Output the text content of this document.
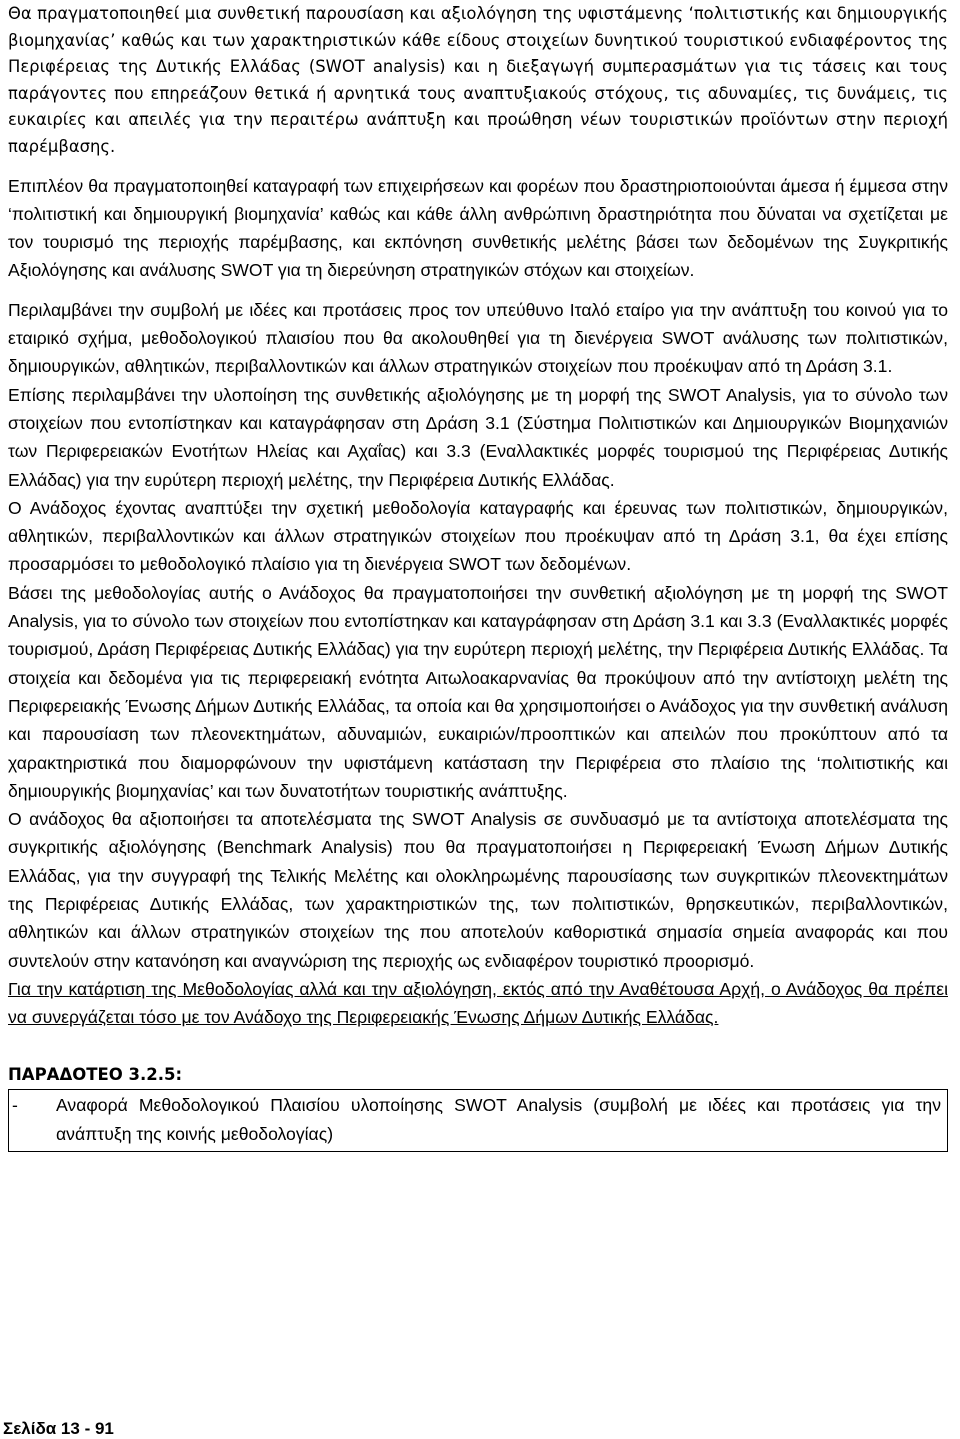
Θα πραγματοποιηθεί μια συνθετική παρουσίαση και αξιολόγηση της υφιστάμενης ‘πολιτιστικής και δημιουργικής βιομηχανίας’ καθώς και των χαρακτηριστικών κάθε είδους στοιχείων δυνητικού τουριστικού ενδιαφέροντος της Περιφέρειας της Δυτικής Ελλάδας (SWOT analysis) και η διεξαγωγή συμπερασμάτων για τις τάσεις και τους παράγοντες που επηρεάζουν θετικά ή αρνητικά τους αναπτυξιακούς στόχους, τις αδυναμίες, τις δυνάμεις, τις ευκαιρίες και απειλές για την περαιτέρω ανάπτυξη και προώθηση νέων τουριστικών προϊόντων στην περιοχή παρέμβασης.

Επιπλέον θα πραγματοποιηθεί καταγραφή των επιχειρήσεων και φορέων που δραστηριοποιούνται άμεσα ή έμμεσα στην ‘πολιτιστική και δημιουργική βιομηχανία’ καθώς και κάθε άλλη ανθρώπινη δραστηριότητα που δύναται να σχετίζεται με τον τουρισμό της περιοχής παρέμβασης, και εκπόνηση συνθετικής μελέτης βάσει των δεδομένων της Συγκριτικής Αξιολόγησης και ανάλυσης SWOT για τη διερεύνηση στρατηγικών στόχων και στοιχείων.

Περιλαμβάνει την συμβολή με ιδέες και προτάσεις προς τον υπεύθυνο Ιταλό εταίρο για την ανάπτυξη του κοινού για το εταιρικό σχήμα, μεθοδολογικού πλαισίου που θα ακολουθηθεί για τη διενέργεια SWOT ανάλυσης των πολιτιστικών, δημιουργικών, αθλητικών, περιβαλλοντικών και άλλων στρατηγικών στοιχείων που προέκυψαν από τη Δράση 3.1.

Επίσης περιλαμβάνει την υλοποίηση της συνθετικής αξιολόγησης με τη μορφή της SWOT Analysis, για το σύνολο των στοιχείων που εντοπίστηκαν και καταγράφησαν στη Δράση 3.1 (Σύστημα Πολιτιστικών και Δημιουργικών Βιομηχανιών των Περιφερειακών Ενοτήτων Ηλείας και Αχαΐας) και 3.3 (Εναλλακτικές μορφές τουρισμού της Περιφέρειας Δυτικής Ελλάδας) για την ευρύτερη περιοχή μελέτης, την Περιφέρεια Δυτικής Ελλάδας.

Ο Ανάδοχος έχοντας αναπτύξει την σχετική μεθοδολογία καταγραφής και έρευνας των πολιτιστικών, δημιουργικών, αθλητικών, περιβαλλοντικών και άλλων στρατηγικών στοιχείων που προέκυψαν από τη Δράση 3.1, θα έχει επίσης προσαρμόσει το μεθοδολογικό πλαίσιο για τη διενέργεια SWOT των δεδομένων.

Βάσει της μεθοδολογίας αυτής ο Ανάδοχος θα πραγματοποιήσει την συνθετική αξιολόγηση με τη μορφή της SWOT Analysis, για το σύνολο των στοιχείων που εντοπίστηκαν και καταγράφησαν στη Δράση 3.1 και 3.3 (Εναλλακτικές μορφές τουρισμού, Δράση Περιφέρειας Δυτικής Ελλάδας) για την ευρύτερη περιοχή μελέτης, την Περιφέρεια Δυτικής Ελλάδας. Τα στοιχεία και δεδομένα για τις περιφερειακή ενότητα Αιτωλοακαρνανίας θα προκύψουν από την αντίστοιχη μελέτη της Περιφερειακής Ένωσης Δήμων Δυτικής Ελλάδας, τα οποία και θα χρησιμοποιήσει ο Ανάδοχος για την συνθετική ανάλυση και παρουσίαση των πλεονεκτημάτων, αδυναμιών, ευκαιριών/προοπτικών και απειλών που προκύπτουν από τα χαρακτηριστικά που διαμορφώνουν την υφιστάμενη κατάσταση την Περιφέρεια στο πλαίσιο της ‘πολιτιστικής και δημιουργικής βιομηχανίας’ και των δυνατοτήτων τουριστικής ανάπτυξης.

Ο ανάδοχος θα αξιοποιήσει τα αποτελέσματα της SWOT Analysis σε συνδυασμό με τα αντίστοιχα αποτελέσματα της συγκριτικής αξιολόγησης (Benchmark Analysis) που θα πραγματοποιήσει η Περιφερειακή Ένωση Δήμων Δυτικής Ελλάδας, για την συγγραφή της Τελικής Μελέτης και ολοκληρωμένης παρουσίασης των συγκριτικών πλεονεκτημάτων της Περιφέρειας Δυτικής Ελλάδας, των χαρακτηριστικών της, των πολιτιστικών, θρησκευτικών, περιβαλλοντικών, αθλητικών και άλλων στρατηγικών στοιχείων της που αποτελούν καθοριστικά σημασία σημεία αναφοράς και που συντελούν στην κατανόηση και αναγνώριση της περιοχής ως ενδιαφέρον τουριστικό προορισμό.

Για την κατάρτιση της Μεθοδολογίας αλλά και την αξιολόγηση, εκτός από την Αναθέτουσα Αρχή, ο Ανάδοχος θα πρέπει να συνεργάζεται τόσο με τον Ανάδοχο της Περιφερειακής Ένωσης Δήμων Δυτικής Ελλάδας.

ΠΑΡΑΔΟΤΕΟ 3.2.5:
-	Αναφορά Μεθοδολογικού Πλαισίου υλοποίησης SWOT Analysis (συμβολή με ιδέες και προτάσεις για την ανάπτυξη της κοινής μεθοδολογίας)
Σελίδα 13 - 91
